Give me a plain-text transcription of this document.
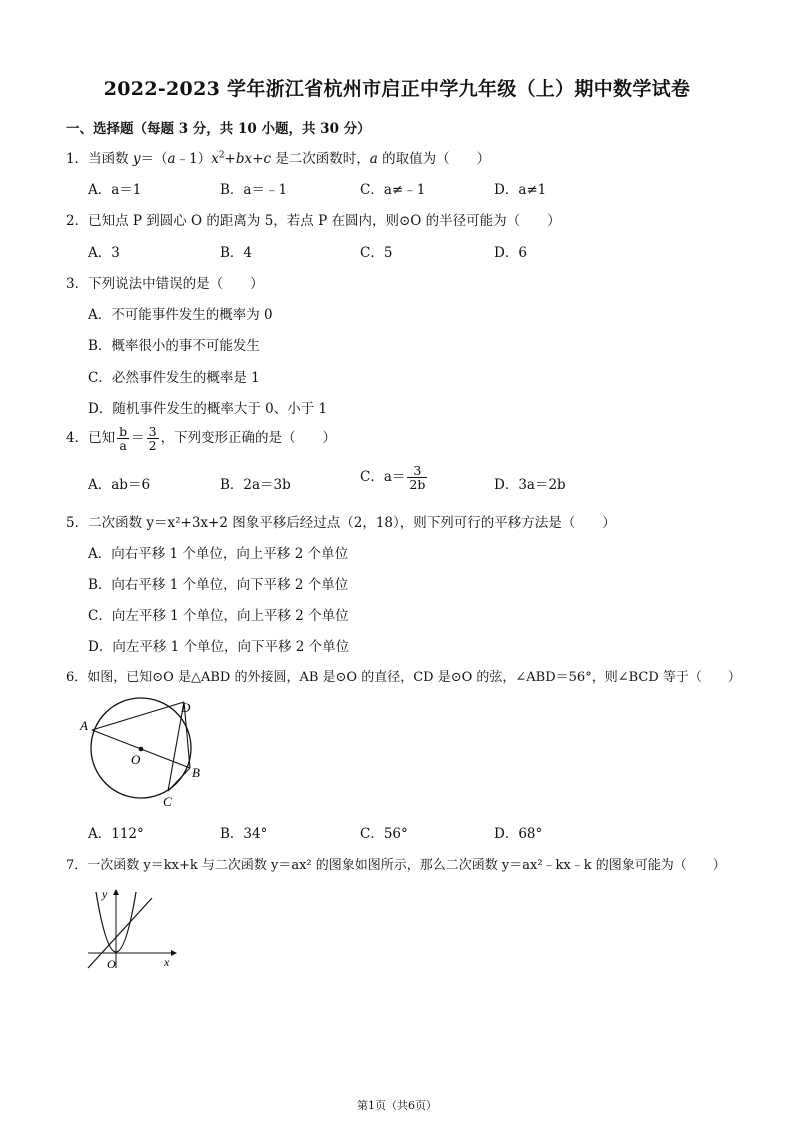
2022-2023 学年浙江省杭州市启正中学九年级（上）期中数学试卷
一、选择题（每题 3 分，共 10 小题，共 30 分）
1．当函数 $y=(a﹣1)x^2+bx+c$ 是二次函数时，a 的取值为（　　）
A．a＝1	B．a＝﹣1	C．a≠﹣1	D．a≠1
2．已知点 P 到圆心 O 的距离为 5，若点 P 在圆内，则⊙O 的半径可能为（　　）
A．3	B．4	C．5	D．6
3．下列说法中错误的是（　　）
A．不可能事件发生的概率为 0
B．概率很小的事不可能发生
C．必然事件发生的概率是 1
D．随机事件发生的概率大于 0、小于 1
4．已知 $\frac{b}{a} = \frac{3}{2}$ ，下列变形正确的是（　　）
A．ab＝6	B．2a＝3b	C．$a= \frac{3}{2b}$	D．3a＝2b
5．二次函数 y＝x²+3x+2 图象平移后经过点（2，18），则下列可行的平移方法是（　　）
A．向右平移 1 个单位，向上平移 2 个单位
B．向右平移 1 个单位，向下平移 2 个单位
C．向左平移 1 个单位，向上平移 2 个单位
D．向左平移 1 个单位，向下平移 2 个单位
6．如图，已知⊙O 是△ABD 的外接圆，AB 是⊙O 的直径，CD 是⊙O 的弦，∠ABD＝56°，则∠BCD 等于（　　）
A
D
O
B
C
A．112°	B．34°	C．56°	D．68°
7．一次函数 y＝kx+k 与二次函数 y＝ax² 的图象如图所示，那么二次函数 y＝ax²﹣kx﹣k 的图象可能为（　　）
y
x
O
第1页（共6页）
